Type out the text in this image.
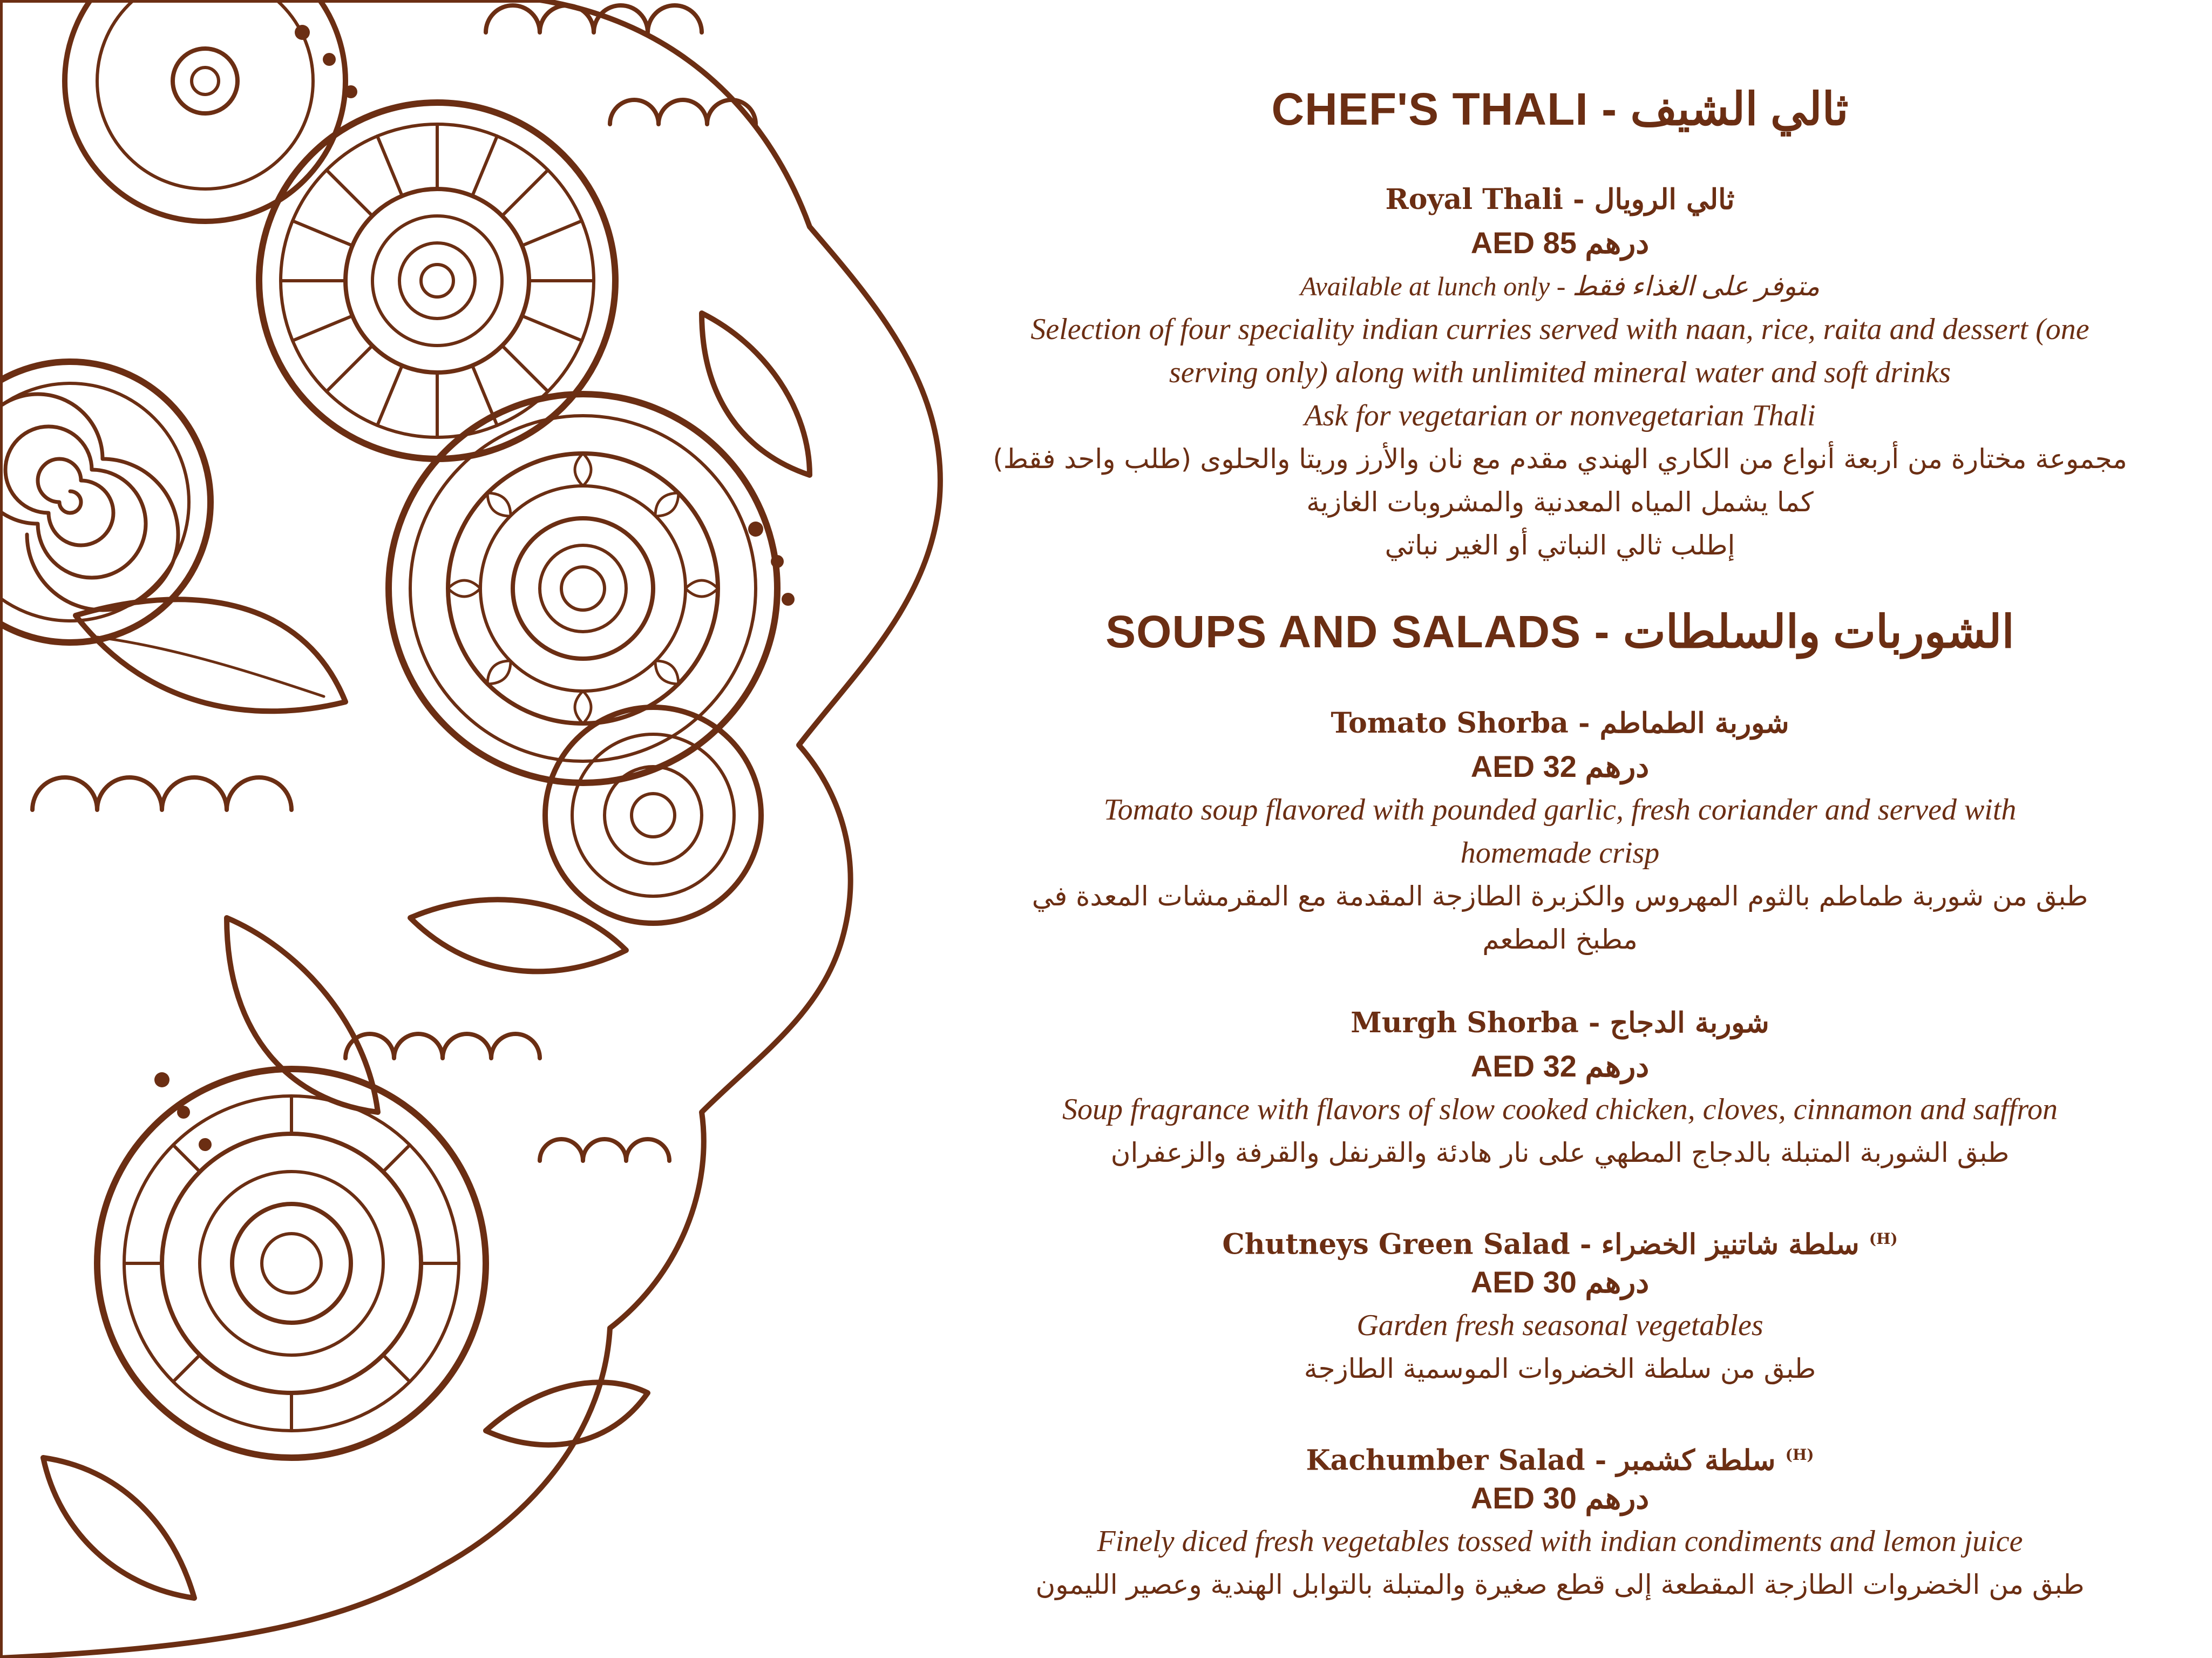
CHEF'S THALI - ثالي الشيف
Royal Thali - ثالي الرويال
AED 85 درهم
Available at lunch only - متوفر على الغذاء فقط
Selection of four speciality indian curries served with naan, rice, raita and dessert (one
serving only) along with unlimited mineral water and soft drinks
Ask for vegetarian or nonvegetarian Thali
مجموعة مختارة من أربعة أنواع من الكاري الهندي مقدم مع نان والأرز وريتا والحلوى (طلب واحد فقط)
كما يشمل المياه المعدنية والمشروبات الغازية
إطلب ثالي النباتي أو الغير نباتي
SOUPS AND SALADS - الشوربات والسلطات
Tomato Shorba - شوربة الطماطم
AED 32 درهم
Tomato soup flavored with pounded garlic, fresh coriander and served with
homemade crisp
طبق من شوربة طماطم بالثوم المهروس والكزبرة الطازجة المقدمة مع المقرمشات المعدة في
مطبخ المطعم
Murgh Shorba - شوربة الدجاج
AED 32 درهم
Soup fragrance with flavors of slow cooked chicken, cloves, cinnamon and saffron
طبق الشوربة المتبلة بالدجاج المطهي على نار هادئة والقرنفل والقرفة والزعفران
Chutneys Green Salad - سلطة شاتنيز الخضراء $^{(H)}$
AED 30 درهم
Garden fresh seasonal vegetables
طبق من سلطة الخضروات الموسمية الطازجة
Kachumber Salad - سلطة كشمبر $^{(H)}$
AED 30 درهم
Finely diced fresh vegetables tossed with indian condiments and lemon juice
طبق من الخضروات الطازجة المقطعة إلى قطع صغيرة والمتبلة بالتوابل الهندية وعصير الليمون
